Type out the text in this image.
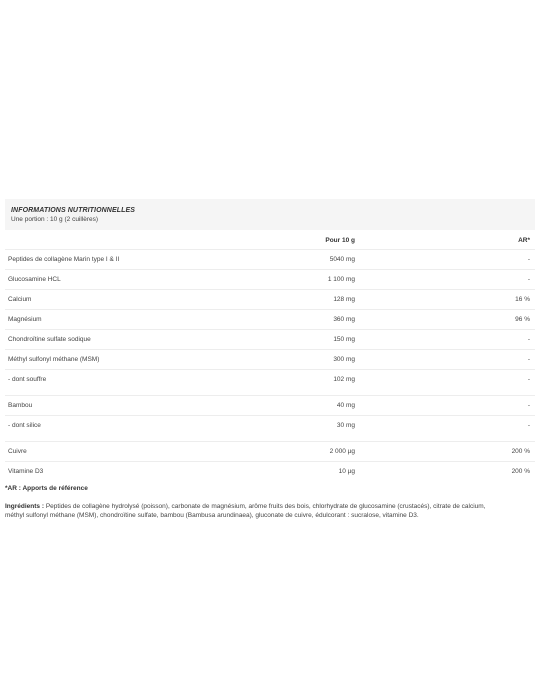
INFORMATIONS NUTRITIONNELLES
Une portion : 10 g (2 cuillères)
Pour 10 g	AR*
Peptides de collagène Marin type I & II	5040 mg	-
Glucosamine HCL	1 100 mg	-
Calcium	128 mg	16 %
Magnésium	360 mg	96 %
Chondroïtine sulfate sodique	150 mg	-
Méthyl sulfonyl méthane (MSM)	300 mg	-
- dont souffre	102 mg	-
Bambou	40 mg	-
- dont silice	30 mg	-
Cuivre	2 000 µg	200 %
Vitamine D3	10 µg	200 %
*AR : Apports de référence
Ingrédients : Peptides de collagène hydrolysé (poisson), carbonate de magnésium, arôme fruits des bois, chlorhydrate de glucosamine (crustacés), citrate de calcium, méthyl sulfonyl méthane (MSM), chondroïtine sulfate, bambou (Bambusa arundinaea), gluconate de cuivre, édulcorant : sucralose, vitamine D3.
